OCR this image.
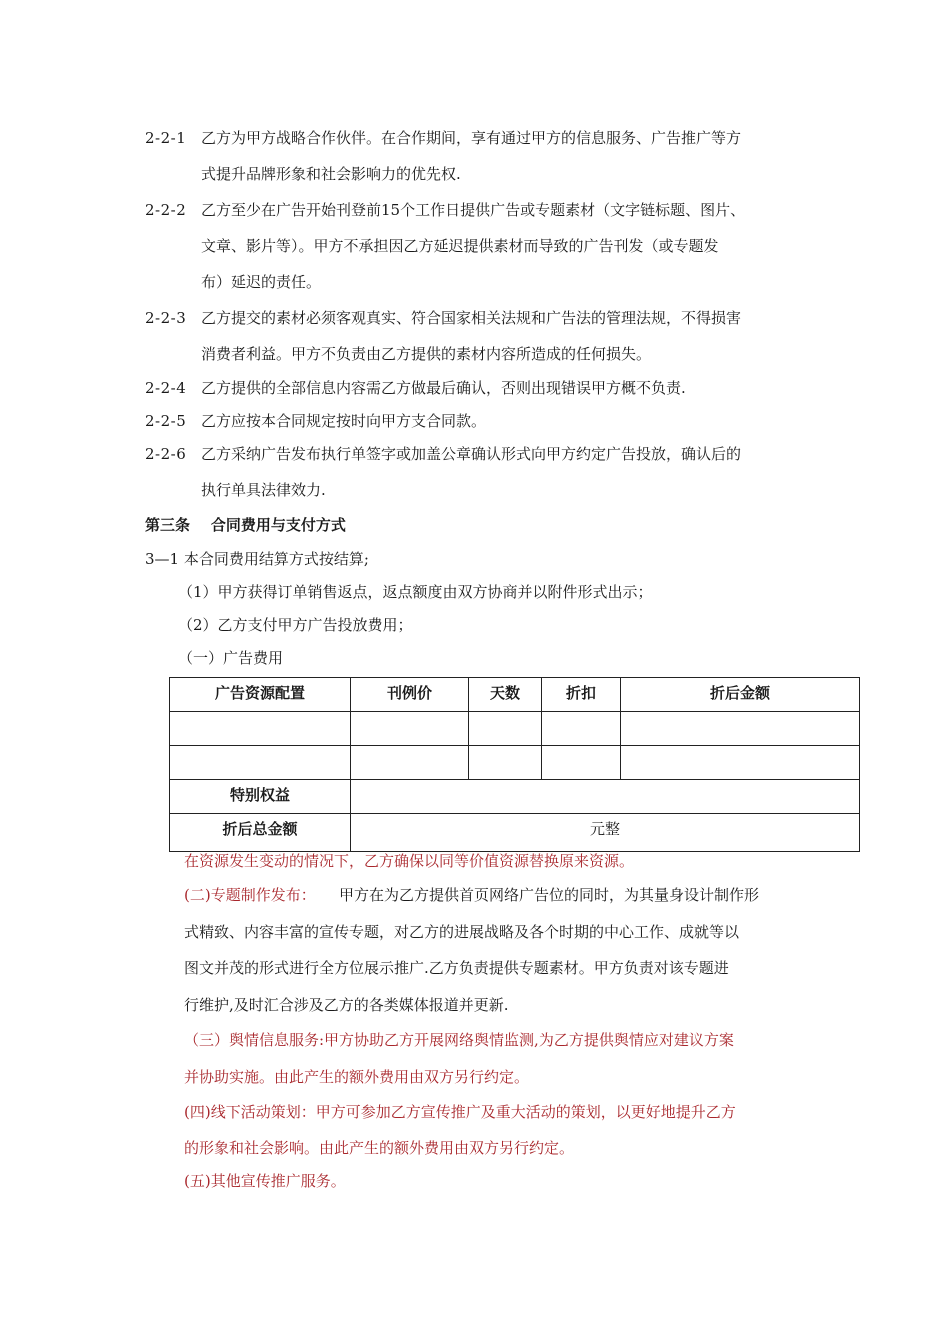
2-2-1 乙方为甲方战略合作伙伴。在合作期间，享有通过甲方的信息服务、广告推广等方
式提升品牌形象和社会影响力的优先权.
2-2-2 乙方至少在广告开始刊登前15个工作日提供广告或专题素材（文字链标题、图片、
文章、影片等）。甲方不承担因乙方延迟提供素材而导致的广告刊发（或专题发
布）延迟的责任。
2-2-3 乙方提交的素材必须客观真实、符合国家相关法规和广告法的管理法规，不得损害
消费者利益。甲方不负责由乙方提供的素材内容所造成的任何损失。
2-2-4 乙方提供的全部信息内容需乙方做最后确认，否则出现错误甲方概不负责.
2-2-5 乙方应按本合同规定按时向甲方支合同款。
2-2-6 乙方采纳广告发布执行单签字或加盖公章确认形式向甲方约定广告投放，确认后的
执行单具法律效力.
第三条    合同费用与支付方式
3—1 本合同费用结算方式按结算;
（1）甲方获得订单销售返点，返点额度由双方协商并以附件形式出示；
（2）乙方支付甲方广告投放费用；
（一）广告费用
广告资源配置	刊例价	天数	折扣	折后金额

特别权益				
折后总金额	元整			
在资源发生变动的情况下，乙方确保以同等价值资源替换原来资源。
(二)专题制作发布： 甲方在为乙方提供首页网络广告位的同时，为其量身设计制作形
式精致、内容丰富的宣传专题，对乙方的进展战略及各个时期的中心工作、成就等以
图文并茂的形式进行全方位展示推广.乙方负责提供专题素材。甲方负责对该专题进
行维护,及时汇合涉及乙方的各类媒体报道并更新.
（三）舆情信息服务:甲方协助乙方开展网络舆情监测,为乙方提供舆情应对建议方案
并协助实施。由此产生的额外费用由双方另行约定。
(四)线下活动策划：甲方可参加乙方宣传推广及重大活动的策划，以更好地提升乙方
的形象和社会影响。由此产生的额外费用由双方另行约定。
(五)其他宣传推广服务。
